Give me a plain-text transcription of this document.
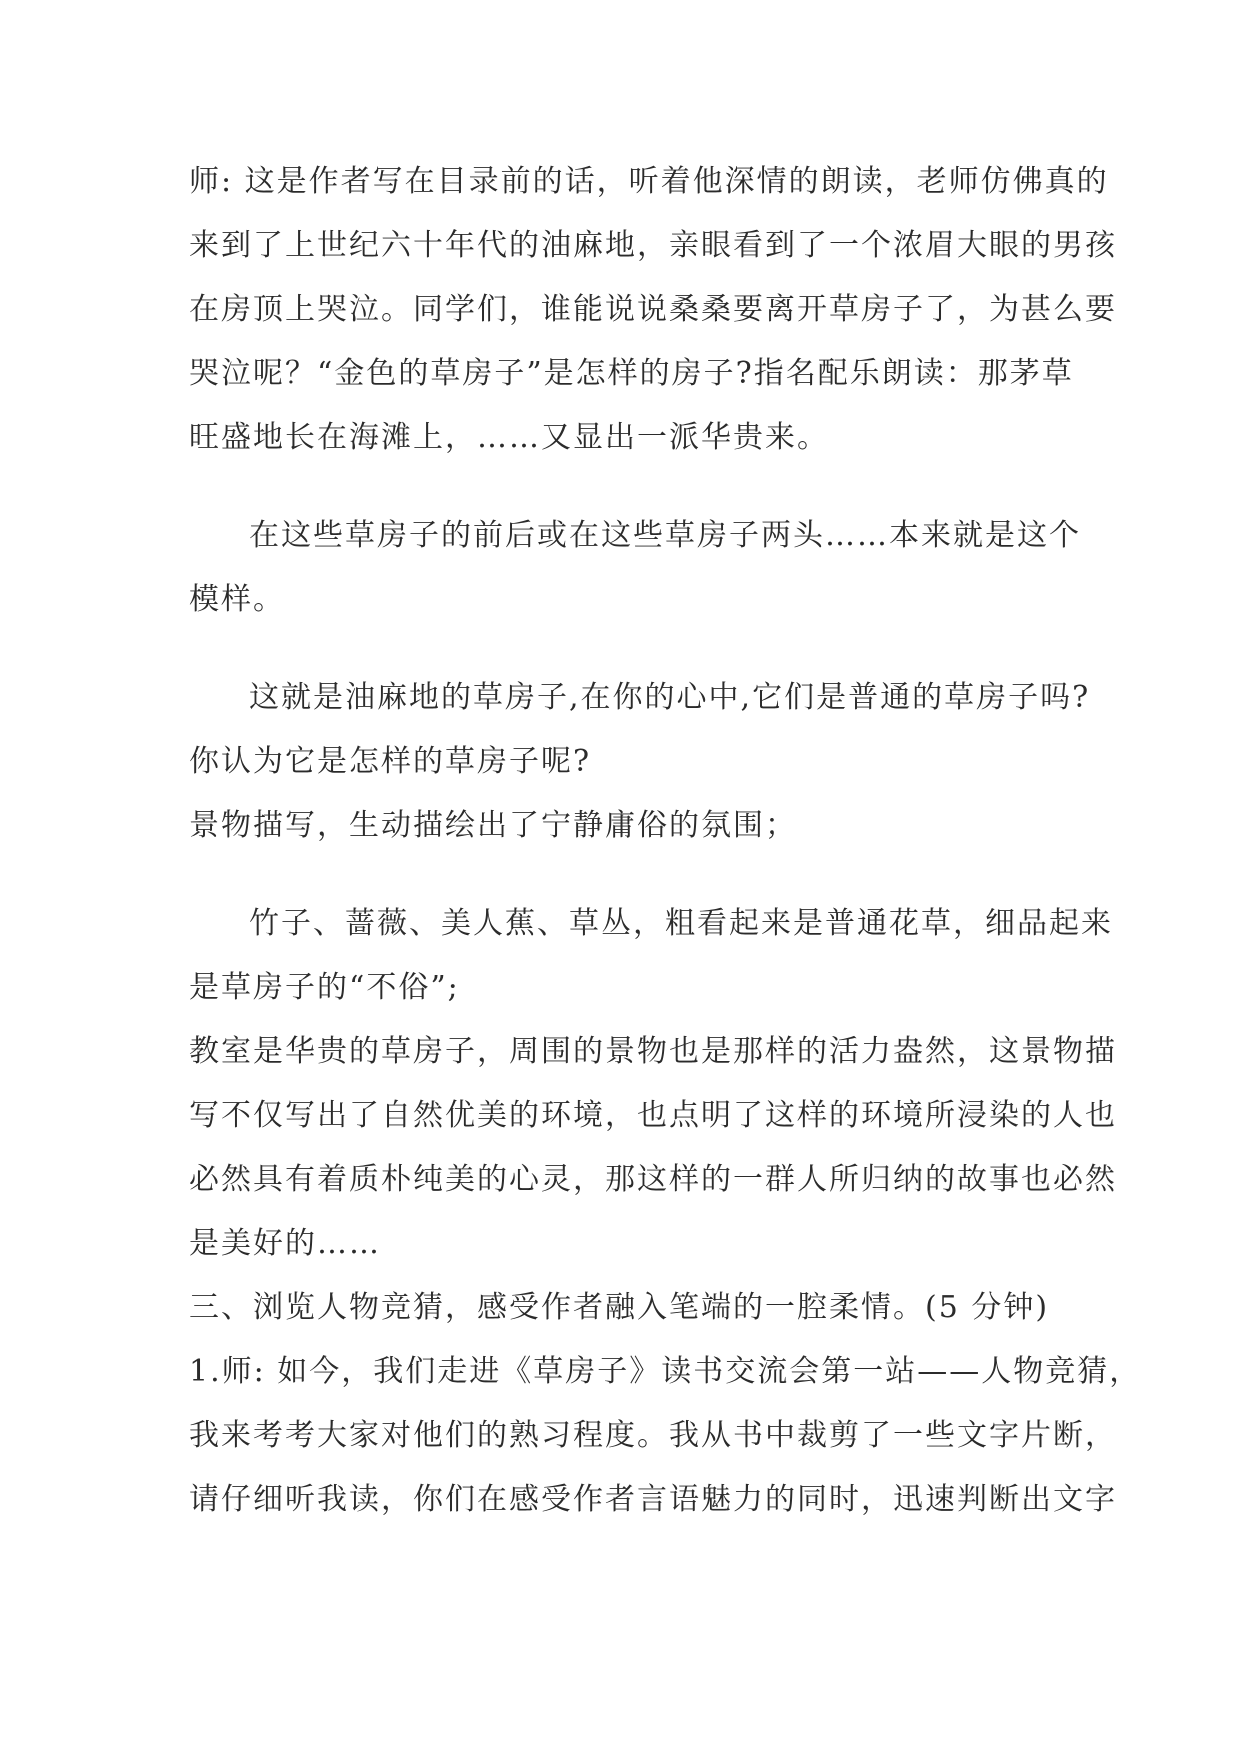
师: 这是作者写在目录前的话，听着他深情的朗读，老师仿佛真的
来到了上世纪六十年代的油麻地，亲眼看到了一个浓眉大眼的男孩
在房顶上哭泣。同学们，谁能说说桑桑要离开草房子了，为甚么要
哭泣呢？“金色的草房子”是怎样的房子?指名配乐朗读：那茅草
旺盛地长在海滩上，……又显出一派华贵来。

在这些草房子的前后或在这些草房子两头……本来就是这个
模样。

这就是油麻地的草房子,在你的心中,它们是普通的草房子吗?
你认为它是怎样的草房子呢?

景物描写，生动描绘出了宁静庸俗的氛围；

竹子、蔷薇、美人蕉、草丛，粗看起来是普通花草，细品起来
是草房子的“不俗”;

教室是华贵的草房子，周围的景物也是那样的活力盎然，这景物描
写不仅写出了自然优美的环境，也点明了这样的环境所浸染的人也
必然具有着质朴纯美的心灵，那这样的一群人所归纳的故事也必然
是美好的……

三、浏览人物竞猜，感受作者融入笔端的一腔柔情。(5 分钟)

1.师: 如今，我们走进《草房子》读书交流会第一站——人物竞猜，
我来考考大家对他们的熟习程度。我从书中裁剪了一些文字片断，
请仔细听我读，你们在感受作者言语魅力的同时，迅速判断出文字
